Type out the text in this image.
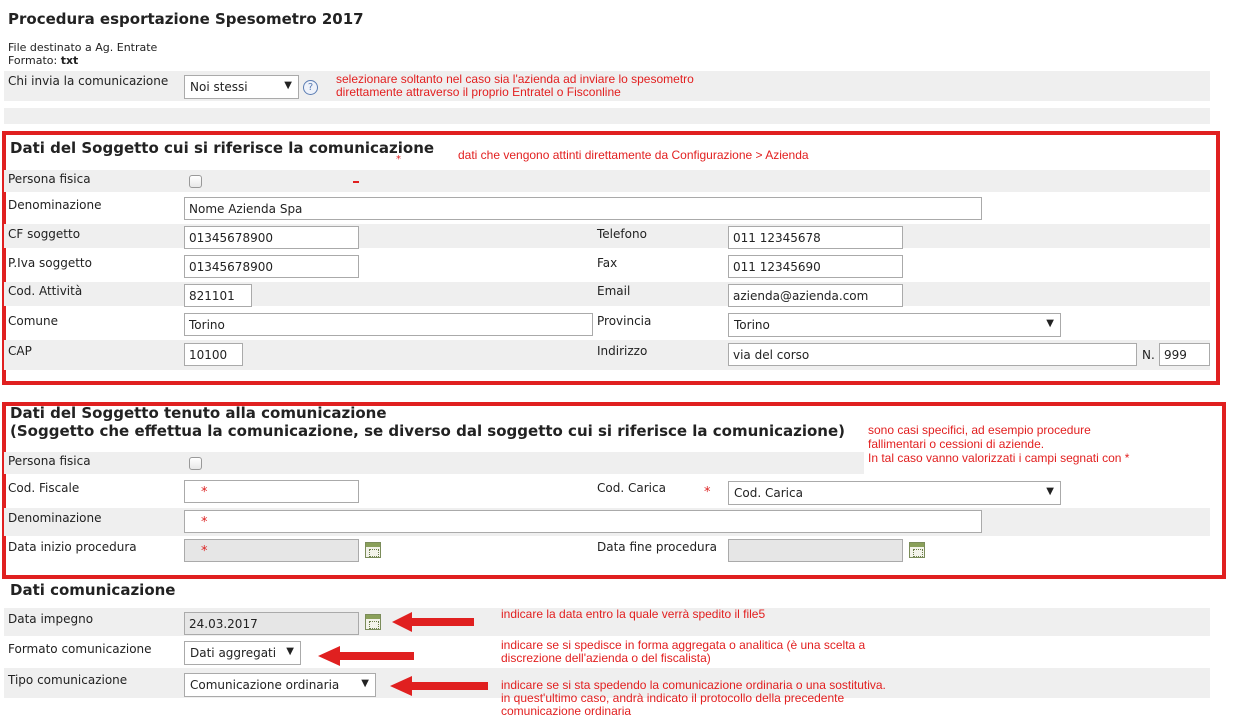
Procedura esportazione Spesometro 2017
File destinato a Ag. Entrate
Formato: txt
Chi invia la comunicazione	Noi stessi	▼	?
selezionare soltanto nel caso sia l'azienda ad inviare lo spesometro
direttamente attraverso il proprio Entratel o Fisconline
Dati del Soggetto cui si riferisce la comunicazione
*	dati che vengono attinti direttamente da Configurazione > Azienda
Persona fisica
Denominazione	Nome Azienda Spa
CF soggetto	01345678900	Telefono	011 12345678
P.Iva soggetto	01345678900	Fax	011 12345690
Cod. Attività	821101	Email	azienda@azienda.com
Comune	Torino	Provincia	Torino	▼
CAP	10100	Indirizzo	via del corso	N. 999
Dati del Soggetto tenuto alla comunicazione
(Soggetto che effettua la comunicazione, se diverso dal soggetto cui si riferisce la comunicazione) sono casi specifici, ad esempio procedure
fallimentari o cessioni di aziende.
In tal caso vanno valorizzati i campi segnati con *
Persona fisica
Cod. Fiscale	*	Cod. Carica	*	Cod. Carica	▼
Denominazione	*
Data inizio procedura	*	Data fine procedura
Dati comunicazione
Data impegno	24.03.2017
indicare la data entro la quale verrà spedito il file5
Formato comunicazione	Dati aggregati ▼	indicare se si spedisce in forma aggregata o analitica (è una scelta a
discrezione dell'azienda o del fiscalista)
Tipo comunicazione	Comunicazione ordinaria ▼	indicare se si sta spedendo la comunicazione ordinaria o una sostitutiva.
in quest'ultimo caso, andrà indicato il protocollo della precedente
comunicazione ordinaria
